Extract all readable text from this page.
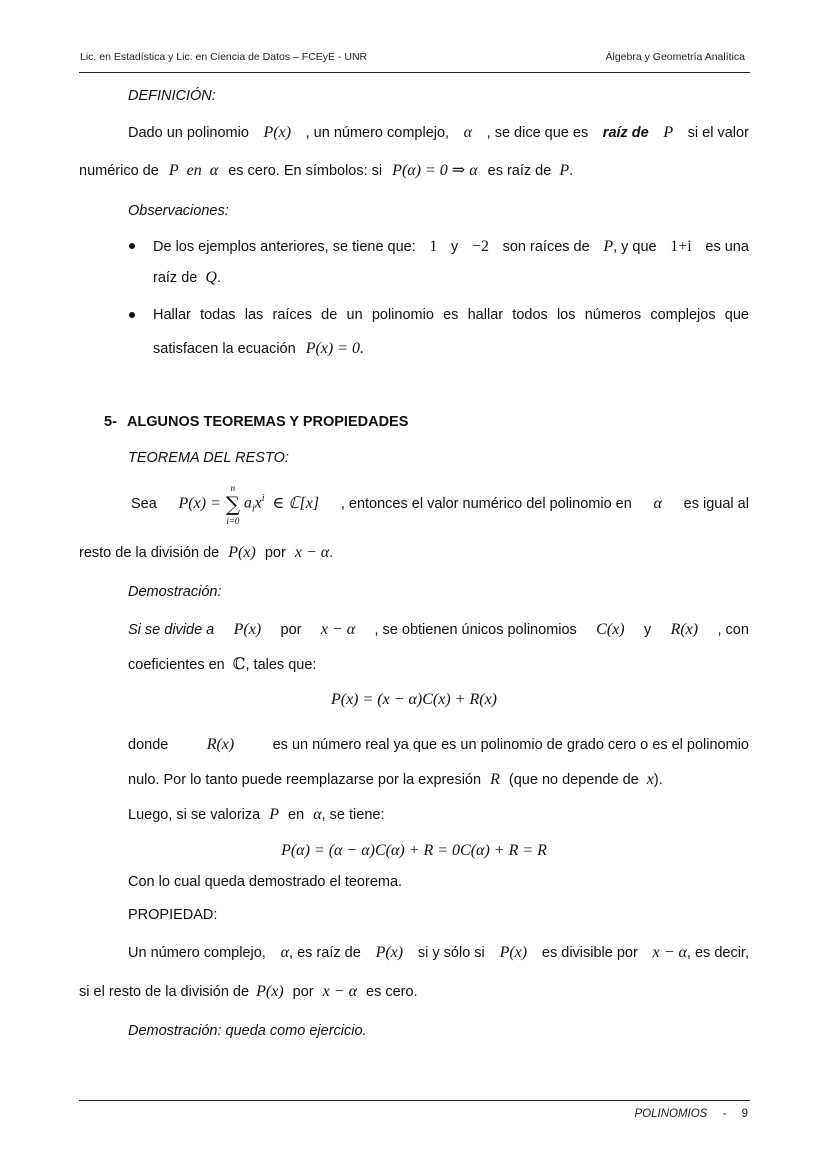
Lic. en Estadística y Lic. en Ciencia de Datos – FCEyE - UNR	Álgebra y Geometría Analítica
DEFINICIÓN:
Dado un polinomio P(x) , un número complejo, α , se dice que es raíz de P si el valor
numérico de P en α es cero. En símbolos: si P(α) = 0 ⇒ α es raíz de P.
Observaciones:
De los ejemplos anteriores, se tiene que: 1 y −2 son raíces de P, y que 1+i es una
raíz de Q.
Hallar todas las raíces de un polinomio es hallar todos los números complejos que
satisfacen la ecuación P(x) = 0.
5- ALGUNOS TEOREMAS Y PROPIEDADES
TEOREMA DEL RESTO:
Sea P(x) =
n
∑
i=0
$a_ix^i$ ∈ ℂ[x] , entonces el valor numérico del polinomio en α es igual al
resto de la división de P(x) por x − α.
Demostración:
Si se divide a P(x) por x − α , se obtienen únicos polinomios C(x) y R(x) , con
coeficientes en ℂ, tales que:
P(x) = (x − α)C(x) + R(x)
donde R(x)	es un número real ya que es un polinomio de grado cero o es el polinomio
nulo. Por lo tanto puede reemplazarse por la expresión R (que no depende de x).
Luego, si se valoriza P en α, se tiene:
P(α) = (α − α)C(α) + R = 0C(α) + R = R
Con lo cual queda demostrado el teorema.
PROPIEDAD:
Un número complejo, α, es raíz de P(x) si y sólo si P(x) es divisible por x − α, es decir,
si el resto de la división de P(x) por x − α es cero.
Demostración: queda como ejercicio.
POLINOMIOS - 9
